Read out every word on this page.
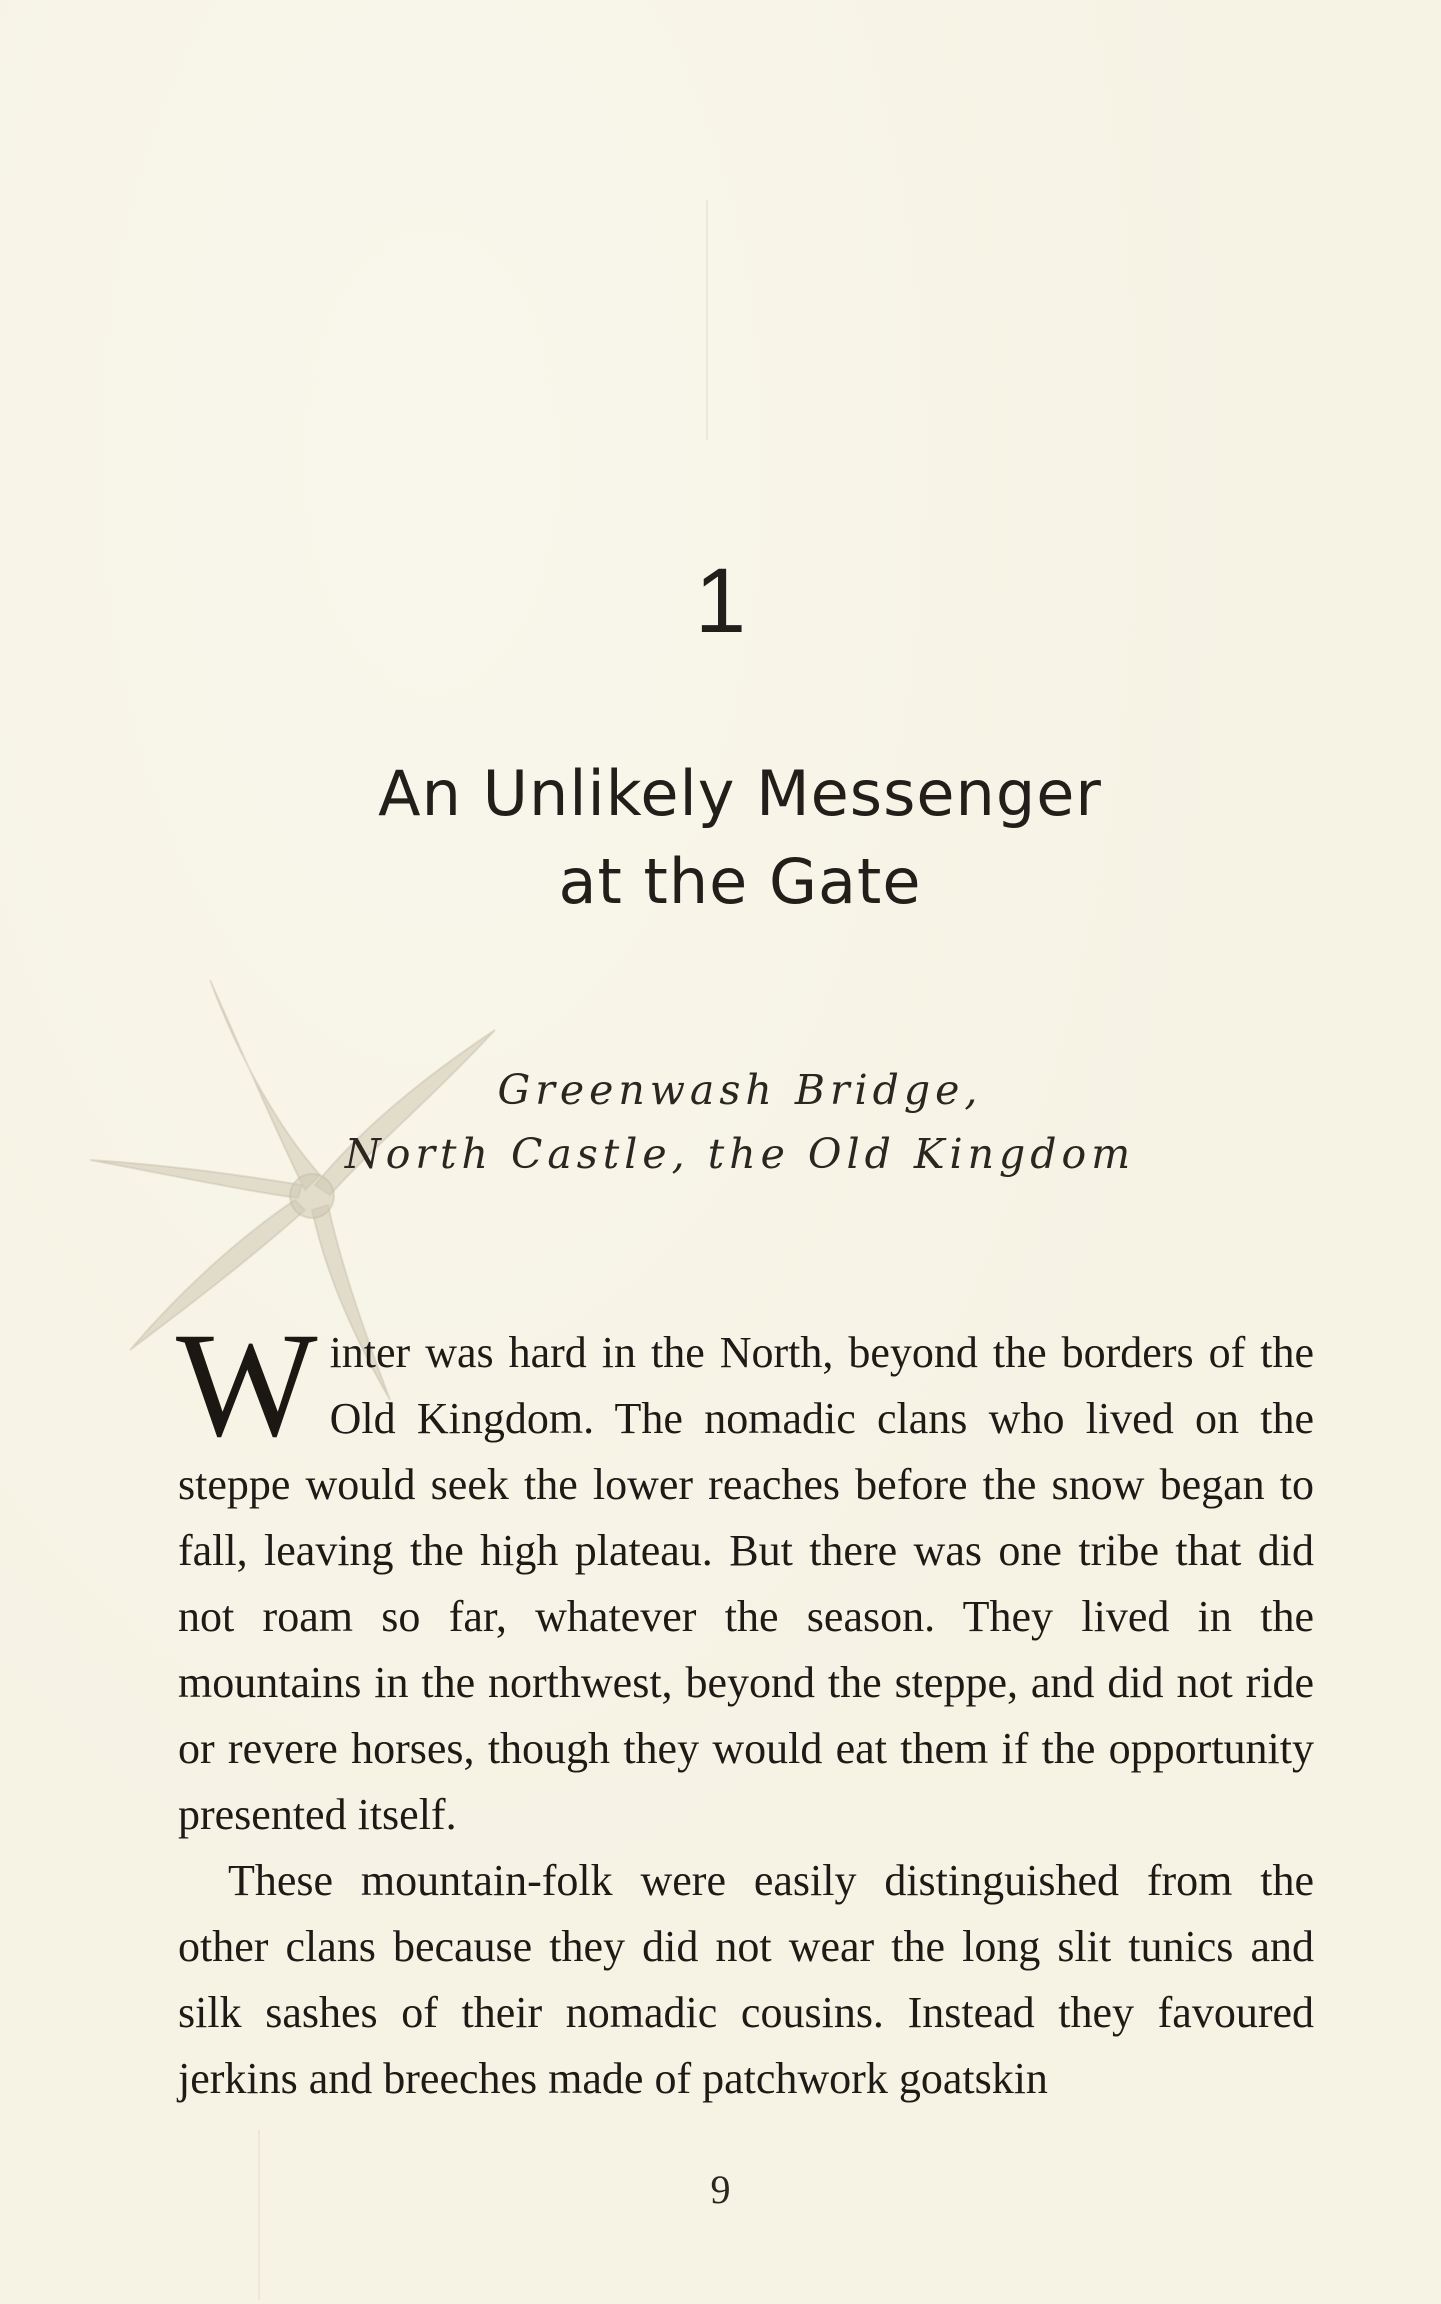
1
An Unlikely Messenger
at the Gate
Greenwash Bridge,
North Castle, the Old Kingdom

Winter was hard in the North, beyond the borders of the Old Kingdom. The nomadic clans who lived on the steppe would seek the lower reaches before the snow began to fall, leaving the high plateau. But there was one tribe that did not roam so far, whatever the season. They lived in the mountains in the northwest, beyond the steppe, and did not ride or revere horses, though they would eat them if the opportunity presented itself.

These mountain-folk were easily distinguished from the other clans because they did not wear the long slit tunics and silk sashes of their nomadic cousins. Instead they favoured jerkins and breeches made of patchwork goatskin

9
